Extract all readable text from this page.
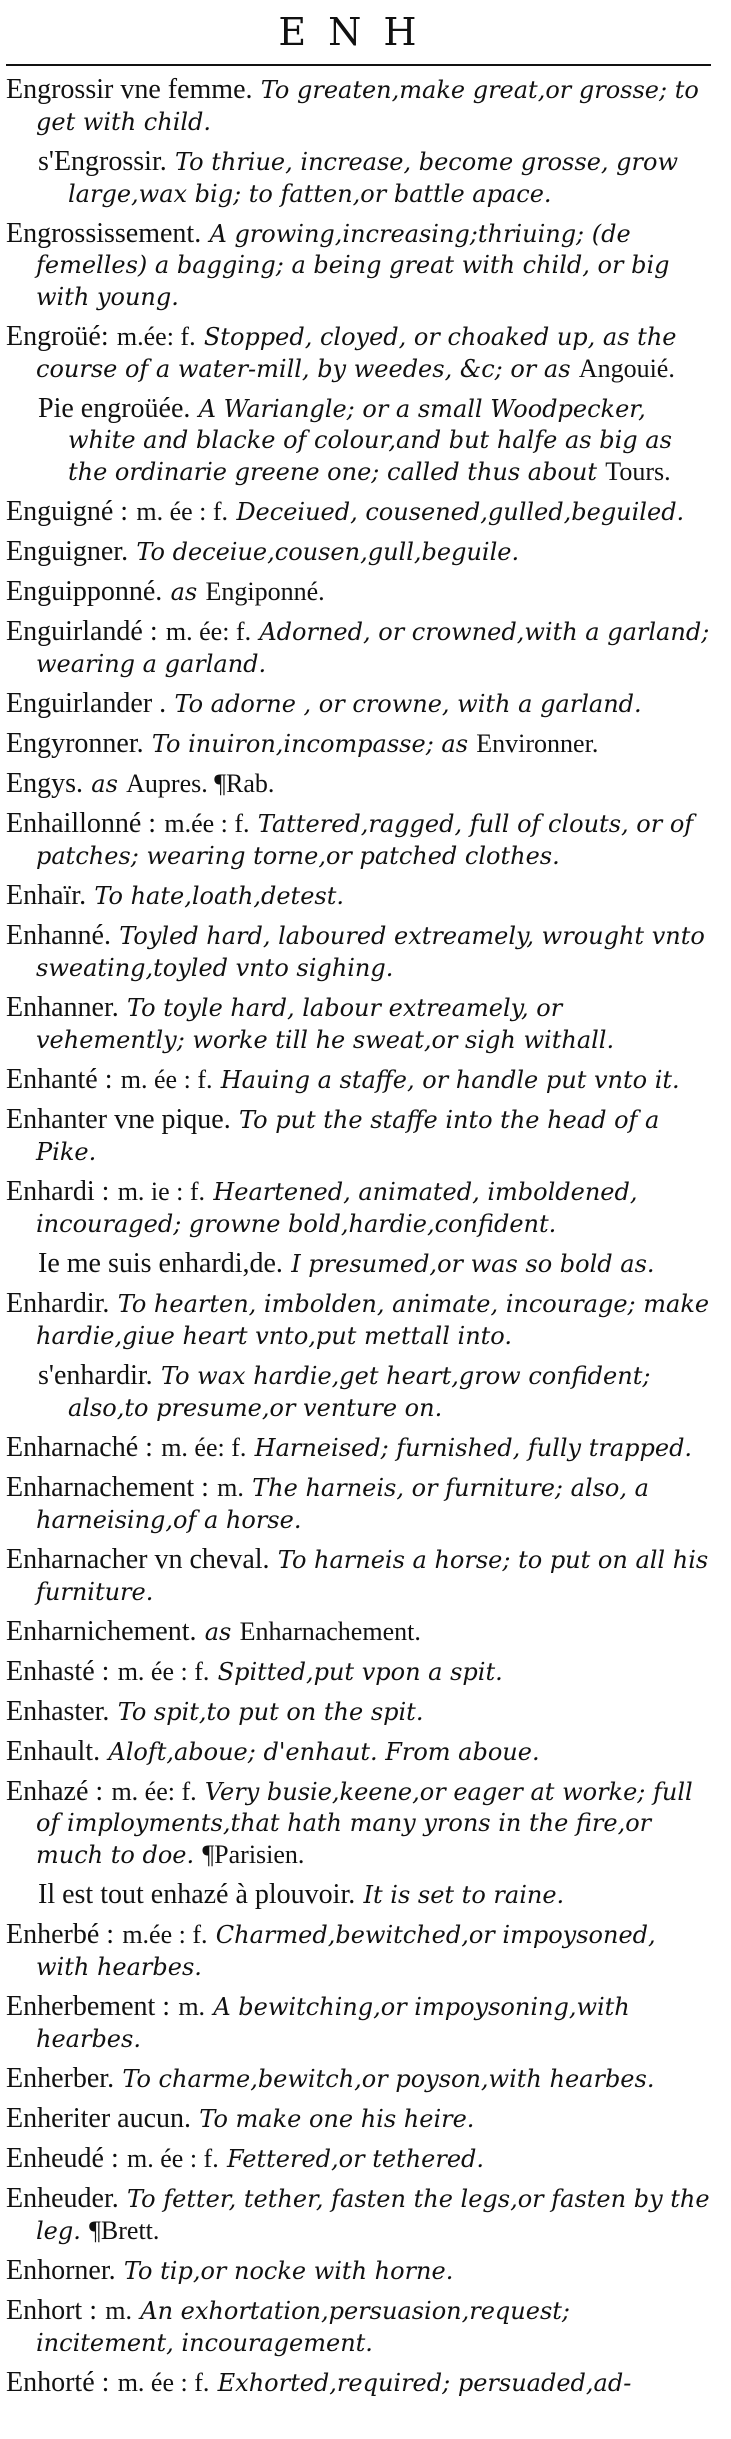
ENH

Engrossir vne femme. To greaten,make great,or grosse; to get with child.

s'Engrossir. To thriue, increase, become grosse, grow large,wax big; to fatten,or battle apace.

Engrossissement. A growing,increasing;thriuing; (de femelles) a bagging; a being great with child, or big with young.

Engroüé: m.ée: f. Stopped, cloyed, or choaked up, as the course of a water-mill, by weedes, &c; or as Angouié.

Pie engroüée. A Wariangle; or a small Woodpecker, white and blacke of colour,and but halfe as big as the ordinarie greene one; called thus about Tours.

Enguigné : m. ée : f. Deceiued, cousened,gulled,beguiled.

Enguigner. To deceiue,cousen,gull,beguile.

Enguipponné. as Engiponné.

Enguirlandé : m. ée: f. Adorned, or crowned,with a garland; wearing a garland.

Enguirlander . To adorne , or crowne, with a garland.

Engyronner. To inuiron,incompasse; as Environner.

Engys. as Aupres. ¶Rab.

Enhaillonné : m.ée : f. Tattered,ragged, full of clouts, or of patches; wearing torne,or patched clothes.

Enhaïr. To hate,loath,detest.

Enhanné. Toyled hard, laboured extreamely, wrought vnto sweating,toyled vnto sighing.

Enhanner. To toyle hard, labour extreamely, or vehemently; worke till he sweat,or sigh withall.

Enhanté : m. ée : f. Hauing a staffe, or handle put vnto it.

Enhanter vne pique. To put the staffe into the head of a Pike.

Enhardi : m. ie : f. Heartened, animated, imboldened, incouraged; growne bold,hardie,confident.

Ie me suis enhardi,de. I presumed,or was so bold as.

Enhardir. To hearten, imbolden, animate, incourage; make hardie,giue heart vnto,put mettall into.

s'enhardir. To wax hardie,get heart,grow confident; also,to presume,or venture on.

Enharnaché : m. ée: f. Harneised; furnished, fully trapped.

Enharnachement : m. The harneis, or furniture; also, a harneising,of a horse.

Enharnacher vn cheval. To harneis a horse; to put on all his furniture.

Enharnichement. as Enharnachement.

Enhasté : m. ée : f. Spitted,put vpon a spit.

Enhaster. To spit,to put on the spit.

Enhault. Aloft,aboue; d'enhaut. From aboue.

Enhazé : m. ée: f. Very busie,keene,or eager at worke; full of imployments,that hath many yrons in the fire,or much to doe. ¶Parisien.

Il est tout enhazé à plouvoir. It is set to raine.

Enherbé : m.ée : f. Charmed,bewitched,or impoysoned, with hearbes.

Enherbement : m. A bewitching,or impoysoning,with hearbes.

Enherber. To charme,bewitch,or poyson,with hearbes.

Enheriter aucun. To make one his heire.

Enheudé : m. ée : f. Fettered,or tethered.

Enheuder. To fetter, tether, fasten the legs,or fasten by the leg. ¶Brett.

Enhorner. To tip,or nocke with horne.

Enhort : m. An exhortation,persuasion,request; incitement, incouragement.

Enhorté : m. ée : f. Exhorted,required; persuaded,ad-
